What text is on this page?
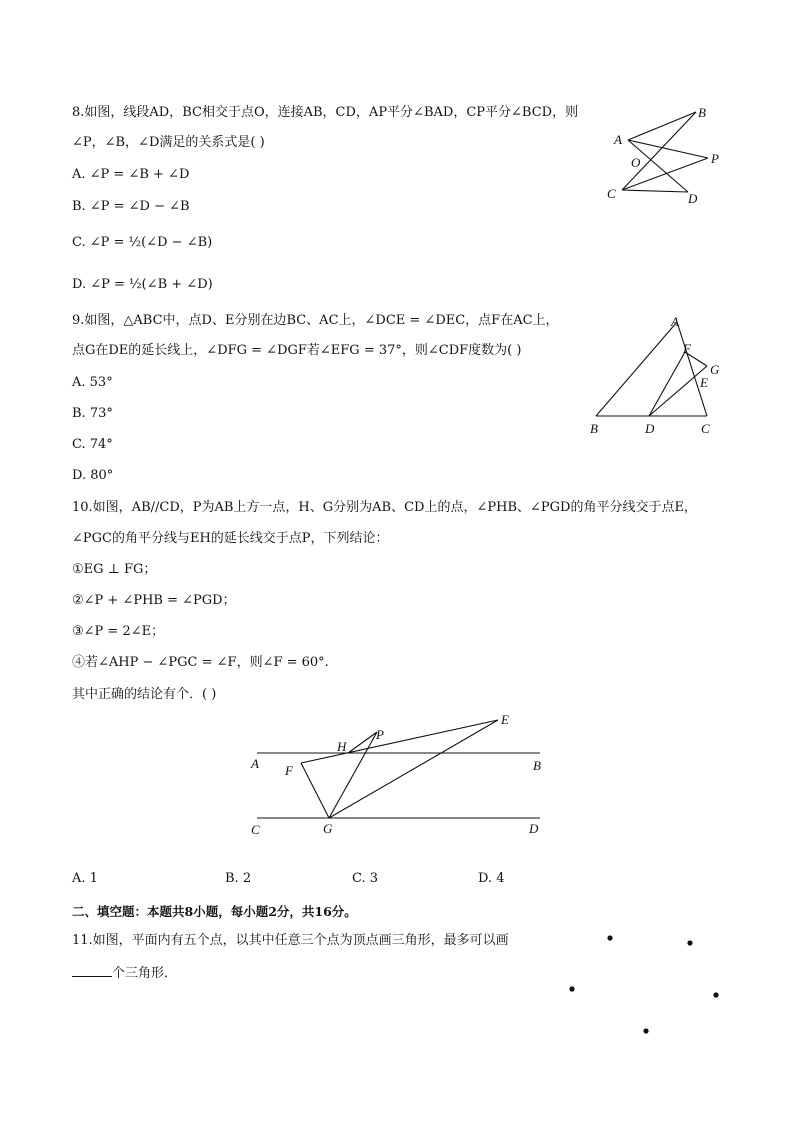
8.如图，线段AD，BC相交于点O，连接AB，CD，AP平分∠BAD，CP平分∠BCD，则
∠P，∠B，∠D满足的关系式是( )
A. ∠P = ∠B + ∠D
B. ∠P = ∠D − ∠B
C. ∠P = ½(∠D − ∠B)
D. ∠P = ½(∠B + ∠D)
A
B
O	P
C	D
9.如图，△ABC中，点D、E分别在边BC、AC上，∠DCE = ∠DEC，点F在AC上，
点G在DE的延长线上，∠DFG = ∠DGF若∠EFG = 37°，则∠CDF度数为( )
A. 53°
B. 73°
C. 74°
D. 80°
A
F
G
E
B	D	C
10.如图，AB//CD，P为AB上方一点，H、G分别为AB、CD上的点，∠PHB、∠PGD的角平分线交于点E，
∠PGC的角平分线与EH的延长线交于点P，下列结论：
①EG ⊥ FG；
②∠P + ∠PHB = ∠PGD；
③∠P = 2∠E；
④若∠AHP − ∠PGC = ∠F，则∠F = 60°.
其中正确的结论有个．( )
E
P
H
A F	B
C	G	D
A. 1	B. 2	C. 3	D. 4
二、填空题：本题共8小题，每小题2分，共16分。
11.如图，平面内有五个点，以其中任意三个点为顶点画三角形，最多可以画
个三角形．
